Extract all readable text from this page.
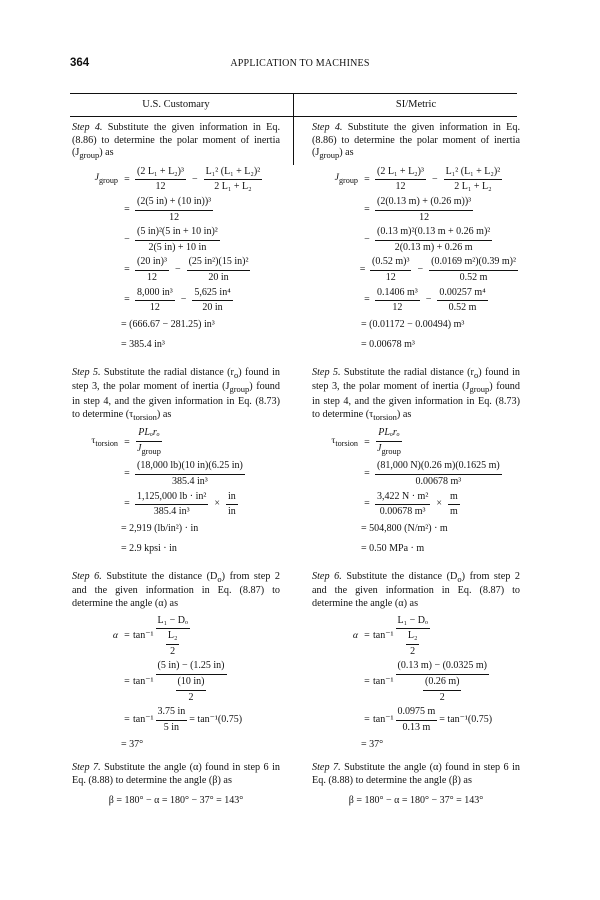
364	APPLICATION TO MACHINES
U.S. Customary	SI/Metric

Step 4. Substitute the given information in Eq. (8.86) to determine the polar moment of inertia $(J_{group})$ as

$J_{group} = \frac{\text{(2 L₁ + L₂)³}}{12} - \frac{\text{L₁² (L₁ + L₂)²}}{\text{2 L₁ + L₂}}$
= $\frac{\text{(2(5 in) + (10 in))³}}{12}$
− $\frac{\text{(5 in)²(5 in + 10 in)²}}{2(5 in) + 10 in}$
= $\frac{\text{(20 in)³}}{12} - \frac{\text{(25 in²)(15 in)²}}{20 in}$
= $\frac{\text{8,000 in³}}{12} - \frac{\text{5,625 in⁴}}{20 in}$
= (666.67 − 281.25) in³
= 385.4 in³

Step 5. Substitute the radial distance $(r_o)$ found in step 3, the polar moment of inertia $(J_{group})$ found in step 4, and the given information in Eq. (8.73) to determine $(\tau_{torsion})$ as

$\tau_{torsion} = \frac{\text{PLₒrₒ}}{J_{group}}$
= $\frac{(18,000 lb)(10 in)(6.25 in)}{\text{385.4 in³}}$
= $\frac{\text{1,125,000 lb · in²}}{\text{385.4 in³}} \times \frac{in}{in}$
= 2,919 (lb/in²) · in
= 2.9 kpsi · in

Step 6. Substitute the distance $(D_o)$ from step 2 and the given information in Eq. (8.87) to determine the angle (α) as

$\alpha = \tan^{-1} \frac{\text{L₁ − Dₒ}}{\frac{\text{L₂}}{2}}$
= $\tan^{-1} \frac{(5 in) - (1.25 in)}{\frac{(10 in)}{2}}$
= $\tan^{-1} \frac{3.75 in}{5 in} = \tan^{-1}(0.75)$
= 37°

Step 7. Substitute the angle (α) found in step 6 in Eq. (8.88) to determine the angle (β) as

β = 180° − α = 180° − 37° = 143°

Step 4. Substitute the given information in Eq. (8.86) to determine the polar moment of inertia $(J_{group})$ as

$J_{group} = \frac{\text{(2 L₁ + L₂)³}}{12} - \frac{\text{L₁² (L₁ + L₂)²}}{\text{2 L₁ + L₂}}$
= $\frac{\text{(2(0.13 m) + (0.26 m))³}}{12}$
− $\frac{\text{(0.13 m)²(0.13 m + 0.26 m)²}}{2(0.13 m) + 0.26 m}$
= $\frac{\text{(0.52 m)³}}{12} - \frac{\text{(0.0169 m²)(0.39 m)²}}{0.52 m}$
= $\frac{\text{0.1406 m³}}{12} - \frac{\text{0.00257 m⁴}}{0.52 m}$
= (0.01172 − 0.00494) m³
= 0.00678 m³

Step 5. Substitute the radial distance $(r_o)$ found in step 3, the polar moment of inertia $(J_{group})$ found in step 4, and the given information in Eq. (8.73) to determine $(\tau_{torsion})$ as

$\tau_{torsion} = \frac{\text{PLₒrₒ}}{J_{group}}$
= $\frac{(81,000 N)(0.26 m)(0.1625 m)}{\text{0.00678 m³}}$
= $\frac{\text{3,422 N · m²}}{\text{0.00678 m³}} \times \frac{m}{m}$
= 504,800 (N/m²) · m
= 0.50 MPa · m

Step 6. Substitute the distance $(D_o)$ from step 2 and the given information in Eq. (8.87) to determine the angle (α) as

$\alpha = \tan^{-1} \frac{\text{L₁ − Dₒ}}{\frac{\text{L₂}}{2}}$
= $\tan^{-1} \frac{(0.13 m) - (0.0325 m)}{\frac{(0.26 m)}{2}}$
= $\tan^{-1} \frac{0.0975 m}{0.13 m} = \tan^{-1}(0.75)$
= 37°

Step 7. Substitute the angle (α) found in step 6 in Eq. (8.88) to determine the angle (β) as

β = 180° − α = 180° − 37° = 143°
